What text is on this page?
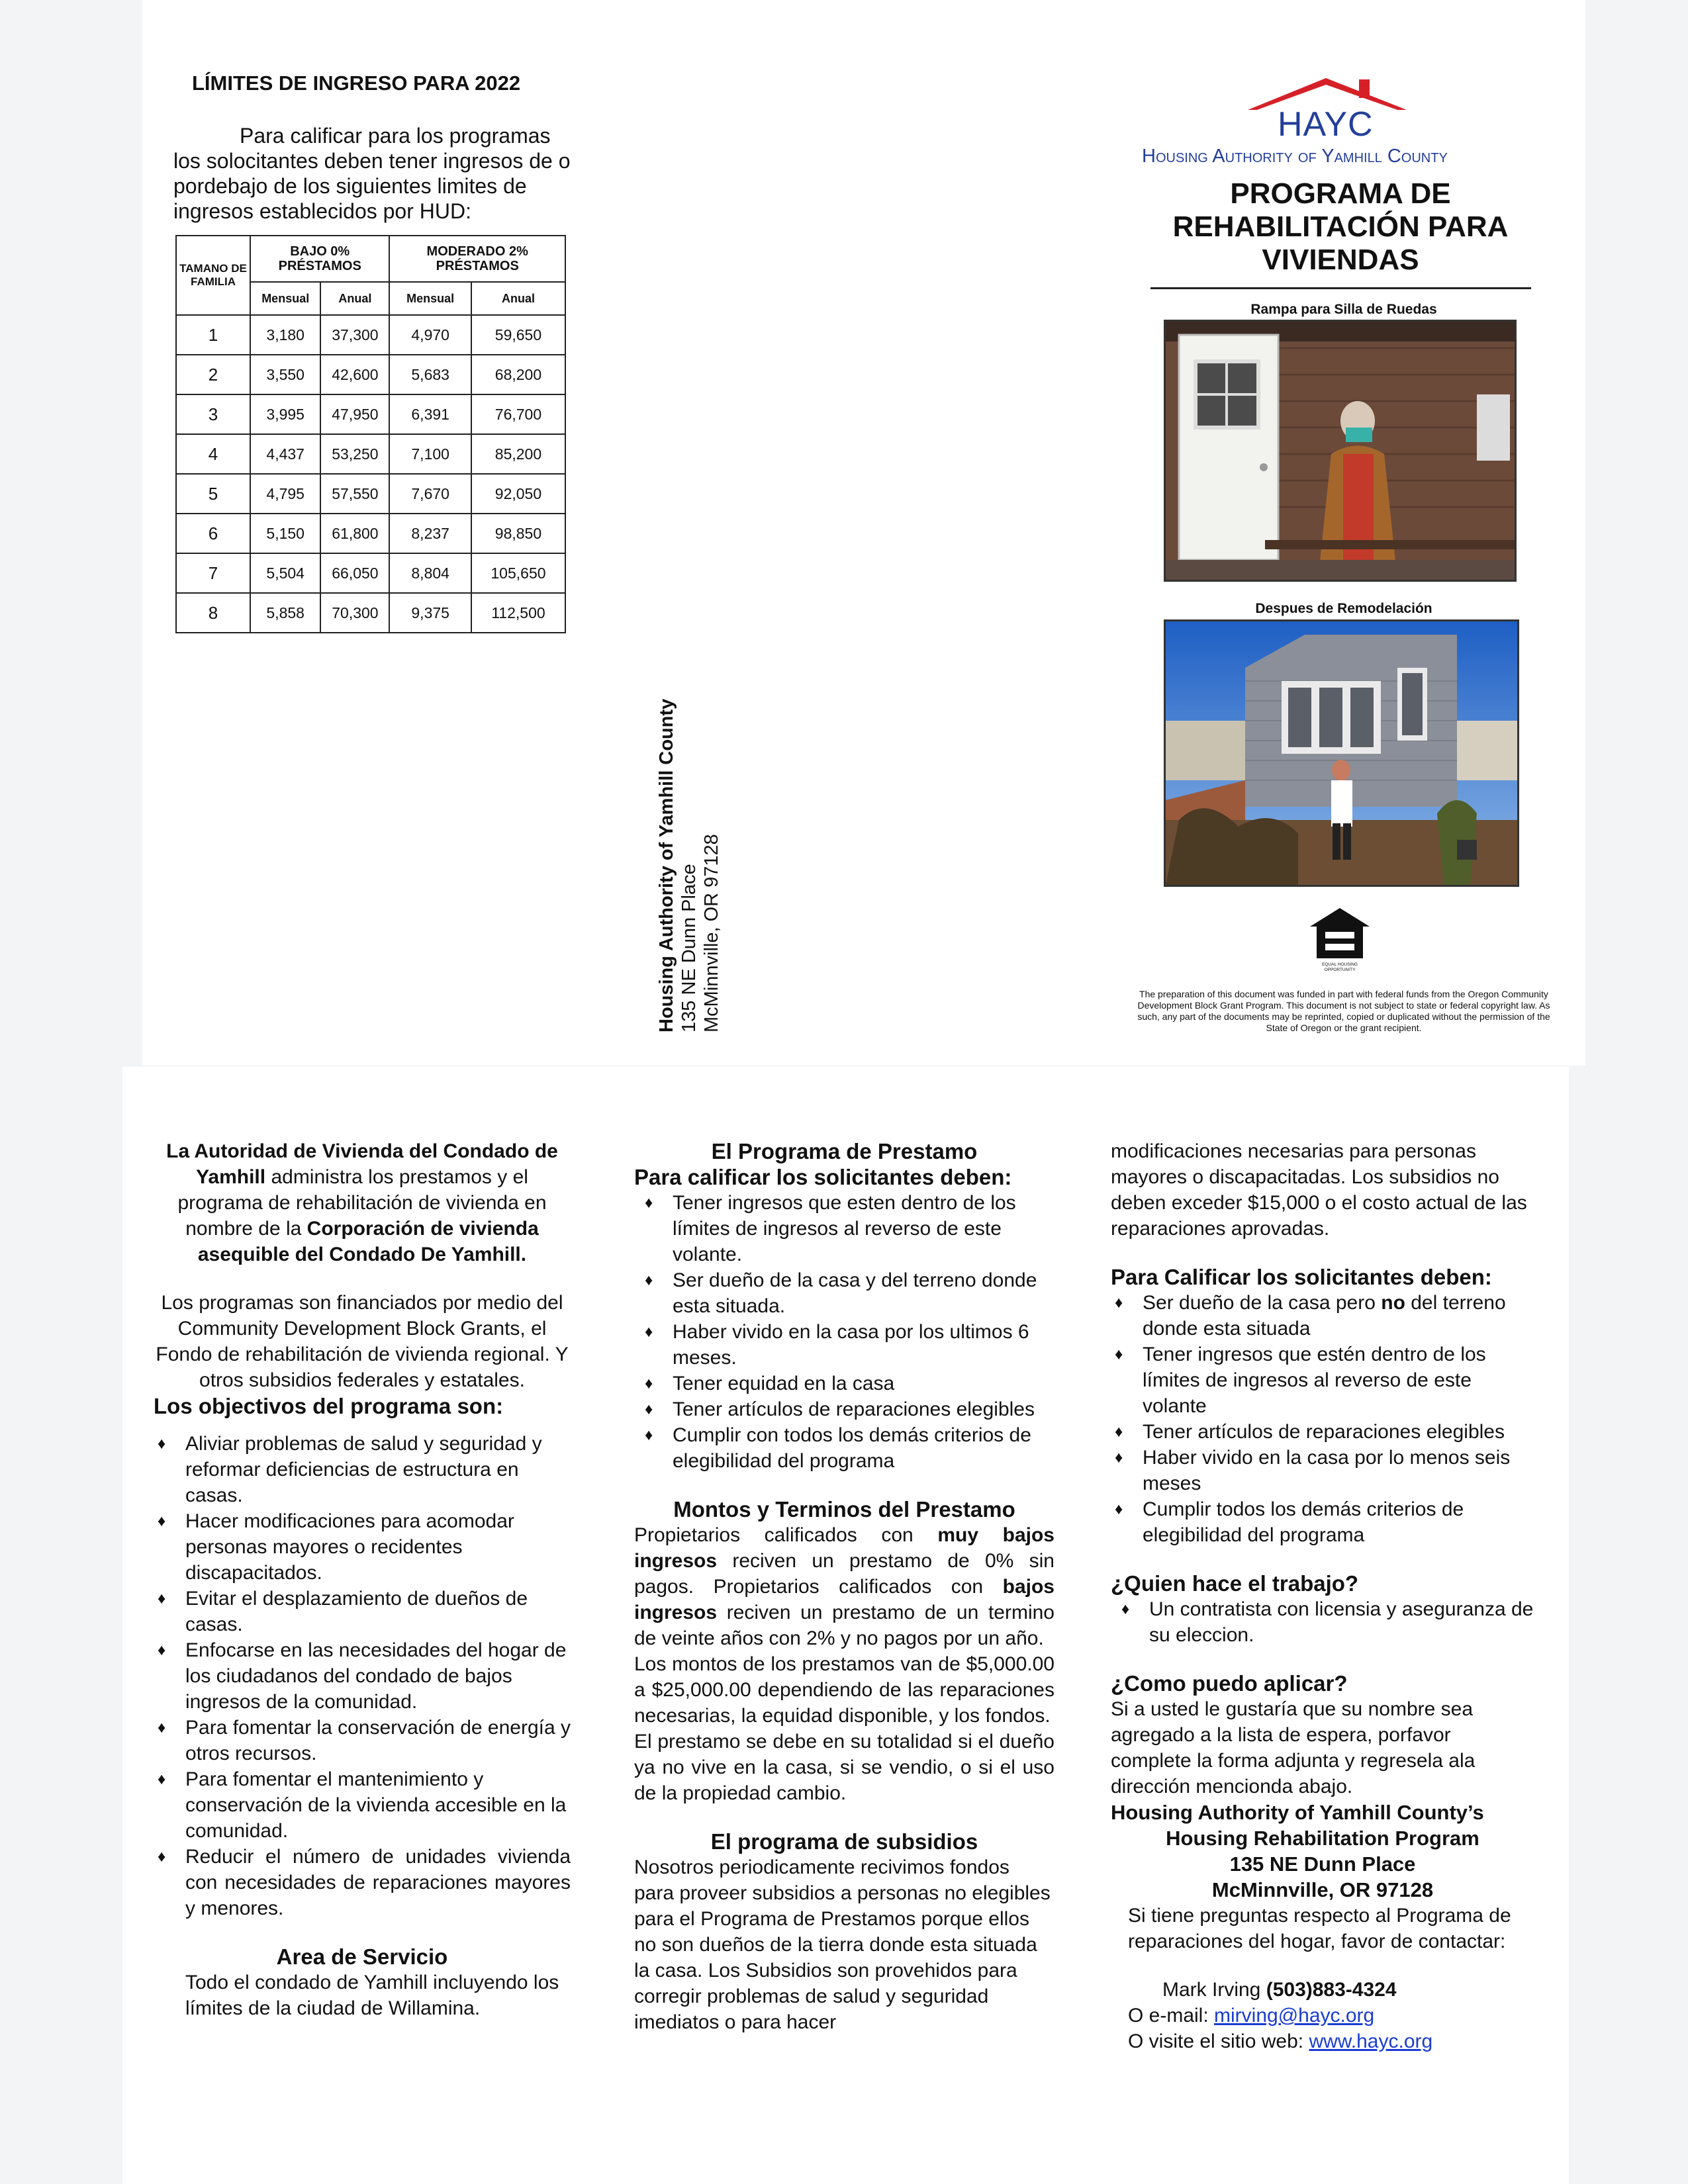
LÍMITES DE INGRESO PARA 2022

Para calificar para los programas los solocitantes deben tener ingresos de o pordebajo de los siguientes limites de ingresos establecidos por HUD:

TAMANO DE FAMILIA	BAJO 0% PRÉSTAMOS		MODERADO 2% PRÉSTAMOS	
	Mensual	Anual	Mensual	Anual
1	3,180	37,300	4,970	59,650
2	3,550	42,600	5,683	68,200
3	3,995	47,950	6,391	76,700
4	4,437	53,250	7,100	85,200
5	4,795	57,550	7,670	92,050
6	5,150	61,800	8,237	98,850
7	5,504	66,050	8,804	105,650
8	5,858	70,300	9,375	112,500
Housing Authority of Yamhill County 135 NE Dunn Place McMinnville, OR 97128
HAYC
Housing Authority of Yamhill County
PROGRAMA DE REHABILITACIÓN PARA VIVIENDAS
Rampa para Silla de Ruedas
Despues de Remodelación
EQUAL HOUSING
OPPORTUNITY

The preparation of this document was funded in part with federal funds from the Oregon Community Development Block Grant Program. This document is not subject to state or federal copyright law. As such, any part of the documents may be reprinted, copied or duplicated without the permission of the State of Oregon or the grant recipient.

La Autoridad de Vivienda del Condado de Yamhill administra los prestamos y el programa de rehabilitación de vivienda en nombre de la Corporación de vivienda asequible del Condado De Yamhill.

Los programas son financiados por medio del Community Development Block Grants, el Fondo de rehabilitación de vivienda regional. Y otros subsidios federales y estatales.

Los objectivos del programa son:

♦ Aliviar problemas de salud y seguridad y reformar deficiencias de estructura en casas.
♦ Hacer modificaciones para acomodar personas mayores o recidentes discapacitados.
♦ Evitar el desplazamiento de dueños de casas.
♦ Enfocarse en las necesidades del hogar de los ciudadanos del condado de bajos ingresos de la comunidad.
♦ Para fomentar la conservación de energía y otros recursos.
♦ Para fomentar el mantenimiento y conservación de la vivienda accesible en la comunidad.
♦ Reducir el número de unidades vivienda con necesidades de reparaciones mayores y menores.

Area de Servicio

Todo el condado de Yamhill incluyendo los límites de la ciudad de Willamina.

El Programa de Prestamo

Para calificar los solicitantes deben:

♦ Tener ingresos que esten dentro de los límites de ingresos al reverso de este volante.
♦ Ser dueño de la casa y del terreno donde esta situada.
♦ Haber vivido en la casa por los ultimos 6 meses.
♦ Tener equidad en la casa
♦ Tener artículos de reparaciones elegibles
♦ Cumplir con todos los demás criterios de elegibilidad del programa

Montos y Terminos del Prestamo

Propietarios calificados con muy bajos ingresos reciven un prestamo de 0% sin pagos. Propietarios calificados con bajos ingresos reciven un prestamo de un termino de veinte años con 2% y no pagos por un año.

Los montos de los prestamos van de $5,000.00 a $25,000.00 dependiendo de las reparaciones necesarias, la equidad disponible, y los fondos.

El prestamo se debe en su totalidad si el dueño ya no vive en la casa, si se vendio, o si el uso de la propiedad cambio.

El programa de subsidios

Nosotros periodicamente recivimos fondos para proveer subsidios a personas no elegibles para el Programa de Prestamos porque ellos no son dueños de la tierra donde esta situada la casa. Los Subsidios son provehidos para corregir problemas de salud y seguridad imediatos o para hacer

modificaciones necesarias para personas mayores o discapacitadas. Los subsidios no deben exceder $15,000 o el costo actual de las reparaciones aprovadas.

Para Calificar los solicitantes deben:

♦ Ser dueño de la casa pero no del terreno donde esta situada
♦ Tener ingresos que estén dentro de los límites de ingresos al reverso de este volante
♦ Tener artículos de reparaciones elegibles
♦ Haber vivido en la casa por lo menos seis meses
♦ Cumplir todos los demás criterios de elegibilidad del programa

¿Quien hace el trabajo?

♦ Un contratista con licensia y aseguranza de su eleccion.

¿Como puedo aplicar?

Si a usted le gustaría que su nombre sea agregado a la lista de espera, porfavor complete la forma adjunta y regresela ala dirección mencionda abajo.

Housing Authority of Yamhill County’s

Housing Rehabilitation Program

135 NE Dunn Place

McMinnville, OR 97128

Si tiene preguntas respecto al Programa de reparaciones del hogar, favor de contactar:

Mark Irving (503)883-4324

O e-mail: mirving@hayc.org

O visite el sitio web: www.hayc.org
